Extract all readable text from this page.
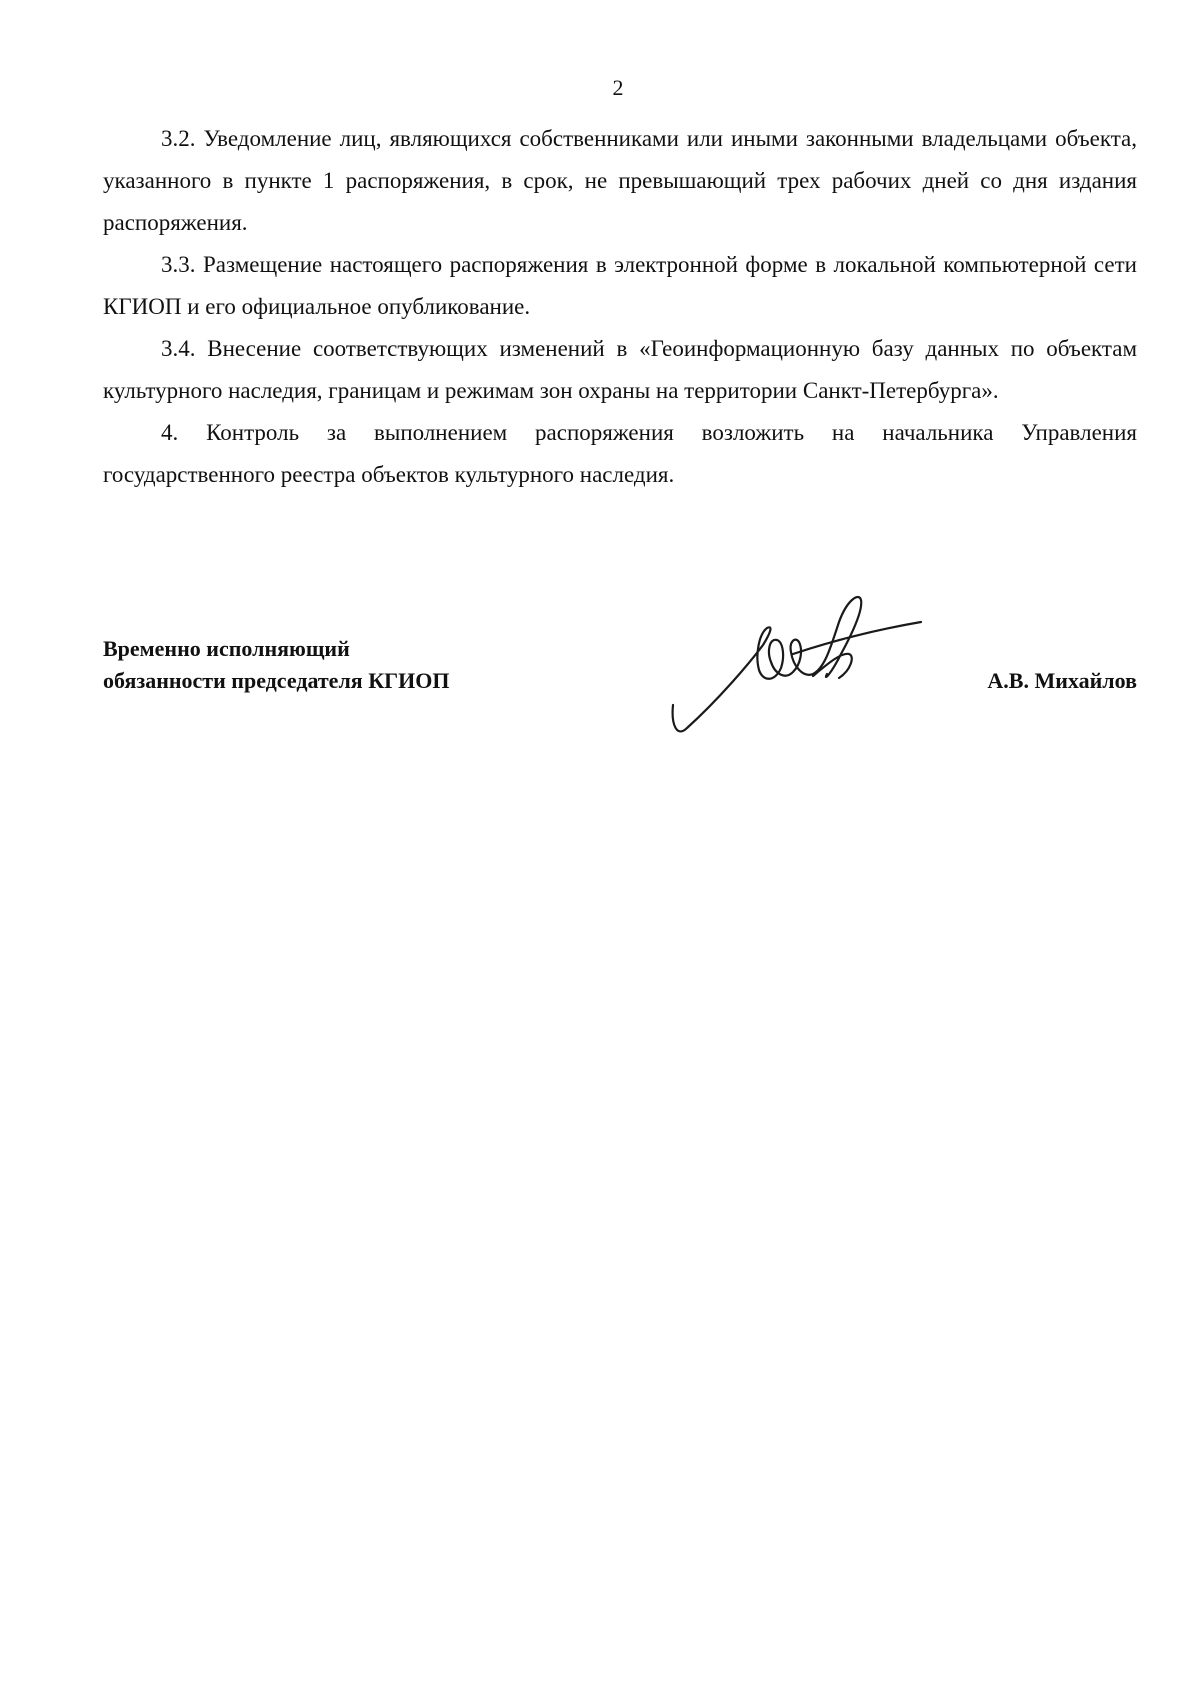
2

3.2. Уведомление лиц, являющихся собственниками или иными законными владельцами объекта, указанного в пункте 1 распоряжения, в срок, не превышающий трех рабочих дней со дня издания распоряжения.

3.3. Размещение настоящего распоряжения в электронной форме в локальной компьютерной сети КГИОП и его официальное опубликование.

3.4. Внесение соответствующих изменений в «Геоинформационную базу данных по объектам культурного наследия, границам и режимам зон охраны на территории Санкт-Петербурга».

4. Контроль за выполнением распоряжения возложить на начальника Управления государственного реестра объектов культурного наследия.

Временно исполняющий
обязанности председателя КГИОП	А.В. Михайлов
